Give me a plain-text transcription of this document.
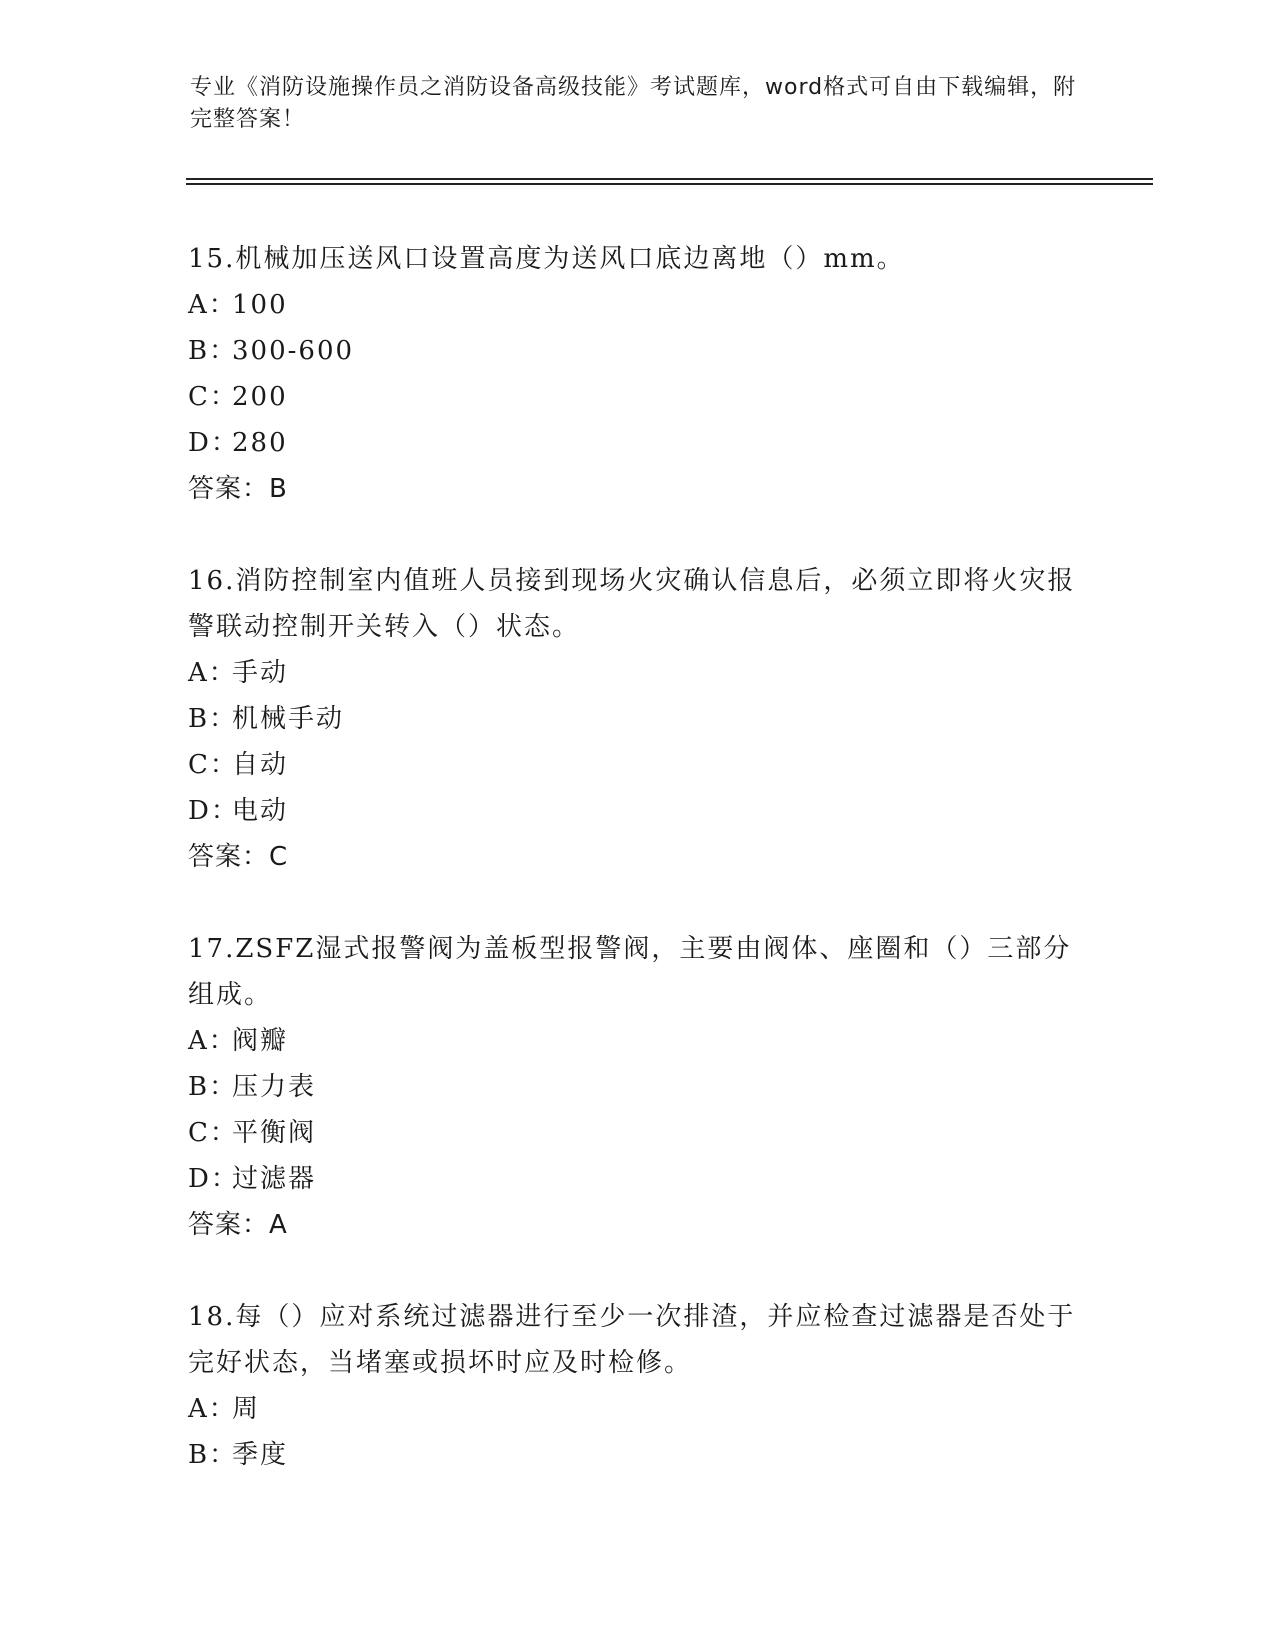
专业《消防设施操作员之消防设备高级技能》考试题库，word格式可自由下载编辑，附完整答案！

15.机械加压送风口设置高度为送风口底边离地（）mm。

A：
100

B：
300-600

C：
200

D：
280

答案：B

16.消防控制室内值班人员接到现场火灾确认信息后，必须立即将火灾报警联动控制开关转入（）状态。

A：
手动

B：
机械手动

C：
自动

D：
电动

答案：C

17.ZSFZ湿式报警阀为盖板型报警阀，主要由阀体、座圈和（）三部分组成。

A：
阀瓣

B：
压力表

C：
平衡阀

D：
过滤器

答案：A

18.每（）应对系统过滤器进行至少一次排渣，并应检查过滤器是否处于完好状态，当堵塞或损坏时应及时检修。

A：
周

B：
季度
